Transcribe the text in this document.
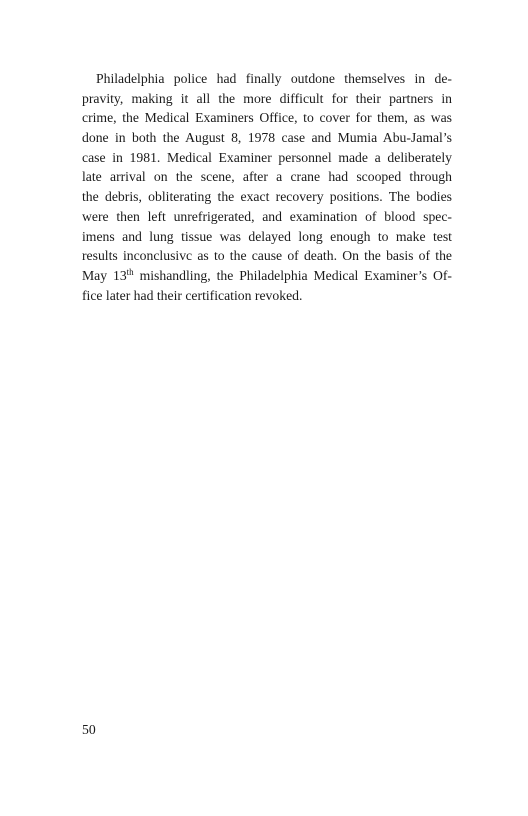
Philadelphia police had finally outdone themselves in de-
pravity, making it all the more difficult for their partners in
crime, the Medical Examiners Office, to cover for them, as was
done in both the August 8, 1978 case and Mumia Abu-Jamal’s
case in 1981. Medical Examiner personnel made a deliberately
late arrival on the scene, after a crane had scooped through
the debris, obliterating the exact recovery positions. The bodies
were then left unrefrigerated, and examination of blood spec-
imens and lung tissue was delayed long enough to make test
results inconclusivc as to the cause of death. On the basis of the
May 13th mishandling, the Philadelphia Medical Examiner’s Of-
fice later had their certification revoked.
50
